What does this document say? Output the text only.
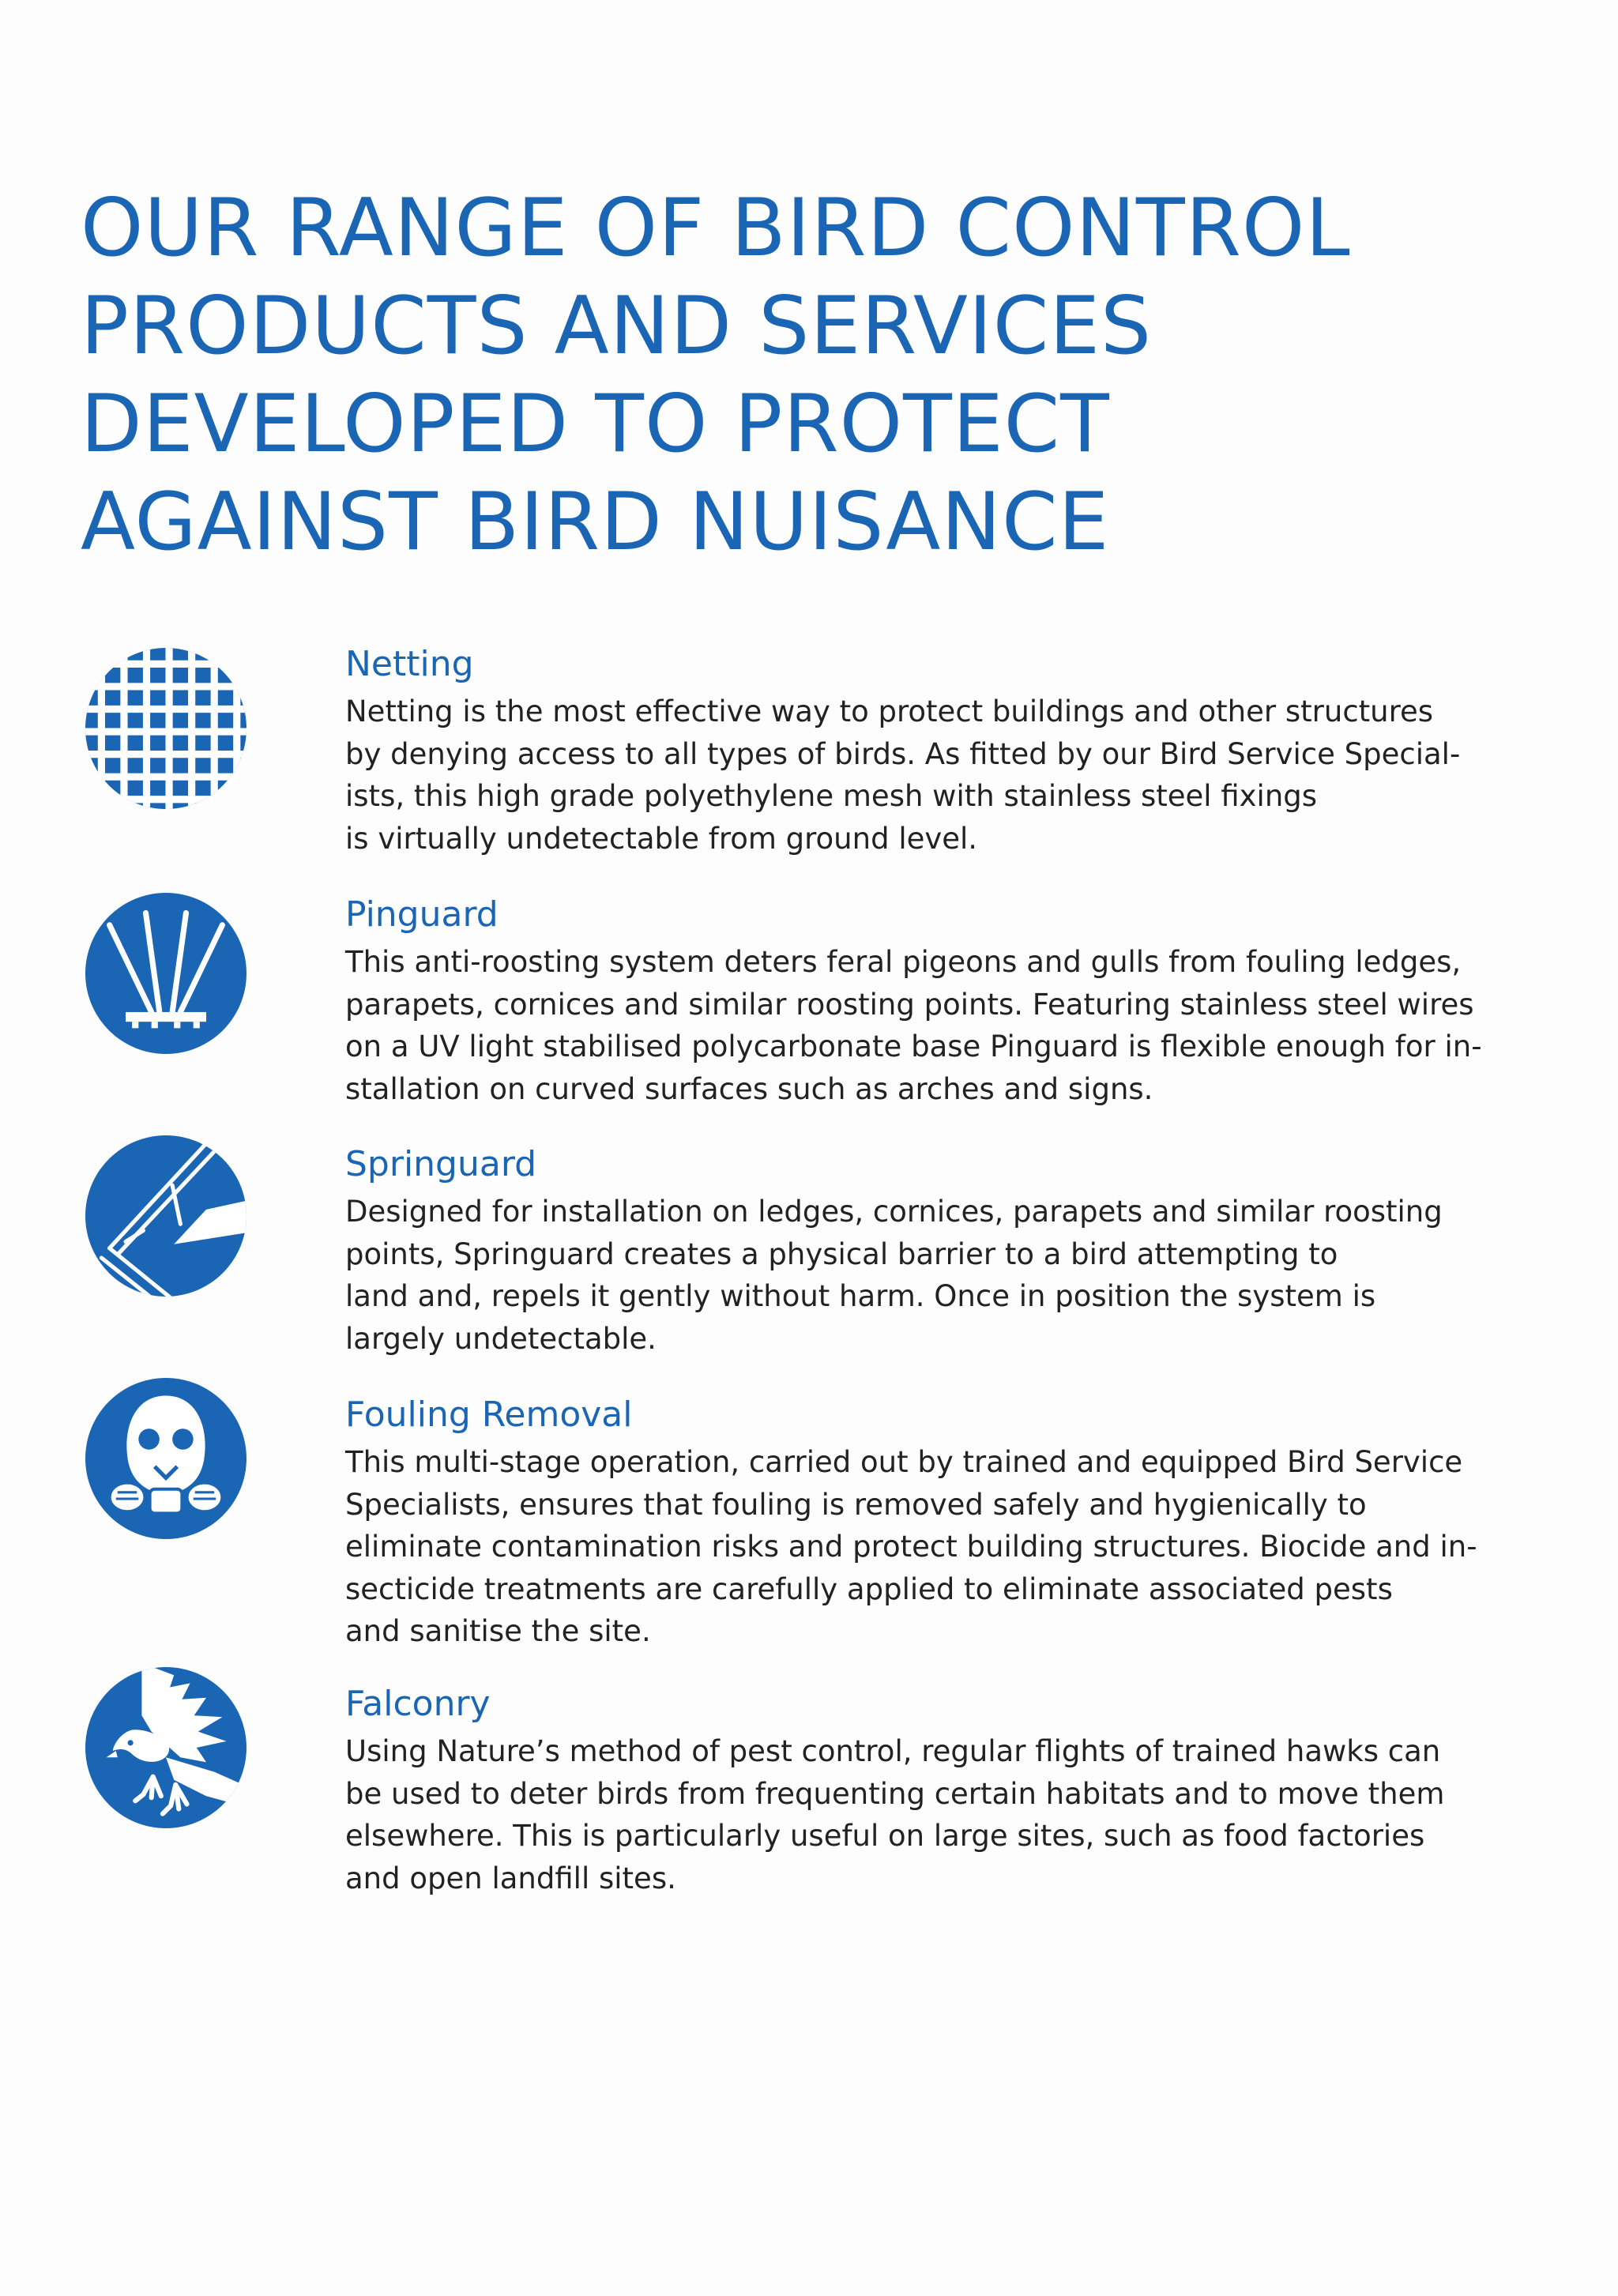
OUR RANGE OF BIRD CONTROL
PRODUCTS AND SERVICES
DEVELOPED TO PROTECT
AGAINST BIRD NUISANCE
Netting

Netting is the most effective way to protect buildings and other structures
by denying access to all types of birds. As fitted by our Bird Service Special-
ists, this high grade polyethylene mesh with stainless steel fixings
is virtually undetectable from ground level.

Pinguard

This anti-roosting system deters feral pigeons and gulls from fouling ledges,
parapets, cornices and similar roosting points. Featuring stainless steel wires
on a UV light stabilised polycarbonate base Pinguard is flexible enough for in-
stallation on curved surfaces such as arches and signs.

Springuard

Designed for installation on ledges, cornices, parapets and similar roosting
points, Springuard creates a physical barrier to a bird attempting to
land and, repels it gently without harm. Once in position the system is
largely undetectable.

Fouling Removal

This multi-stage operation, carried out by trained and equipped Bird Service
Specialists, ensures that fouling is removed safely and hygienically to
eliminate contamination risks and protect building structures. Biocide and in-
secticide treatments are carefully applied to eliminate associated pests
and sanitise the site.

Falconry

Using Nature’s method of pest control, regular flights of trained hawks can
be used to deter birds from frequenting certain habitats and to move them
elsewhere. This is particularly useful on large sites, such as food factories
and open landfill sites.
